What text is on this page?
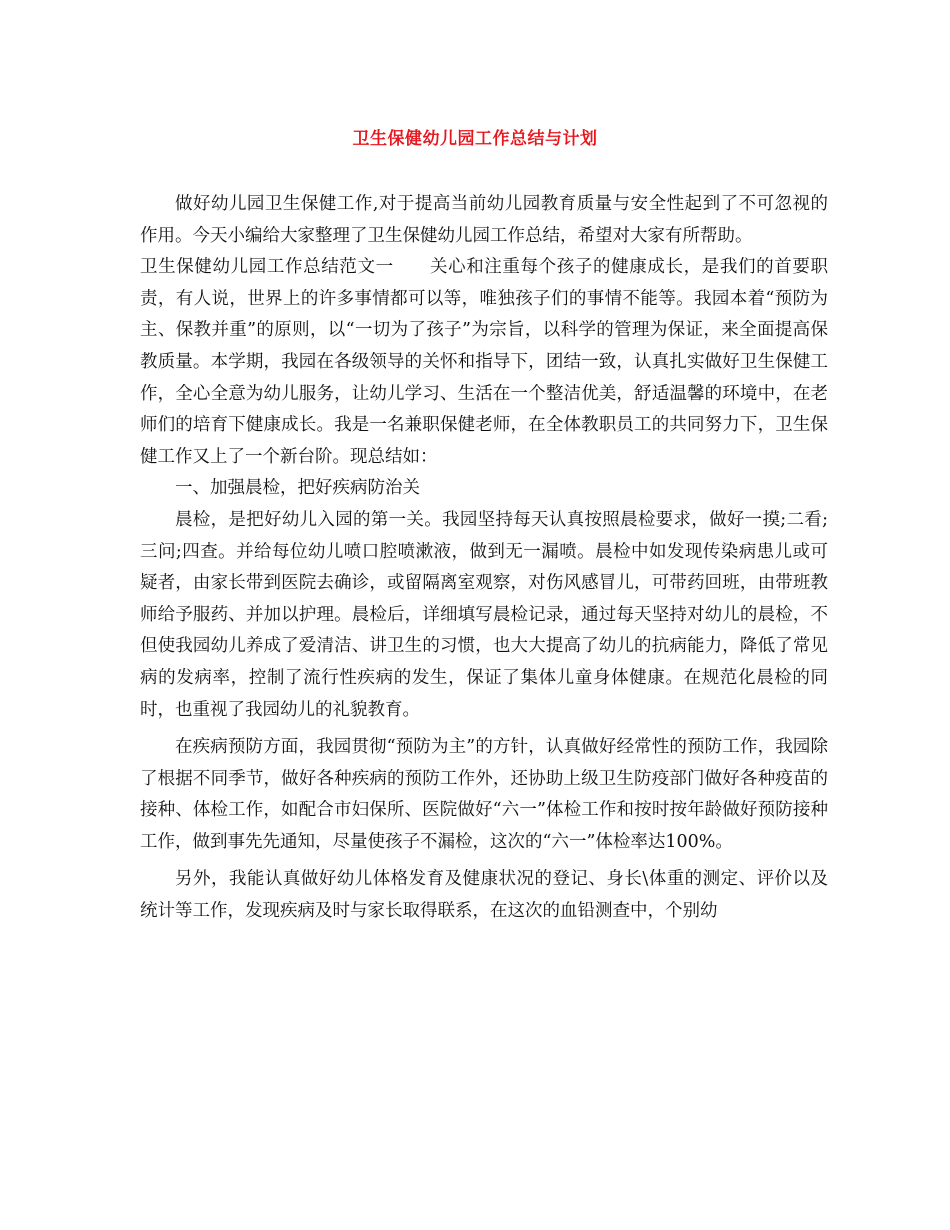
卫生保健幼儿园工作总结与计划

做好幼儿园卫生保健工作,对于提高当前幼儿园教育质量与安全性起到了不可忽视的作用。今天小编给大家整理了卫生保健幼儿园工作总结，希望对大家有所帮助。

卫生保健幼儿园工作总结范文一　　关心和注重每个孩子的健康成长，是我们的首要职责，有人说，世界上的许多事情都可以等，唯独孩子们的事情不能等。我园本着“预防为主、保教并重”的原则，以“一切为了孩子”为宗旨，以科学的管理为保证，来全面提高保教质量。本学期，我园在各级领导的关怀和指导下，团结一致，认真扎实做好卫生保健工作，全心全意为幼儿服务，让幼儿学习、生活在一个整洁优美，舒适温馨的环境中，在老师们的培育下健康成长。我是一名兼职保健老师，在全体教职员工的共同努力下，卫生保健工作又上了一个新台阶。现总结如：

一、加强晨检，把好疾病防治关

晨检，是把好幼儿入园的第一关。我园坚持每天认真按照晨检要求，做好一摸;二看;三问;四查。并给每位幼儿喷口腔喷漱液，做到无一漏喷。晨检中如发现传染病患儿或可疑者，由家长带到医院去确诊，或留隔离室观察，对伤风感冒儿，可带药回班，由带班教师给予服药、并加以护理。晨检后，详细填写晨检记录，通过每天坚持对幼儿的晨检，不但使我园幼儿养成了爱清洁、讲卫生的习惯，也大大提高了幼儿的抗病能力，降低了常见病的发病率，控制了流行性疾病的发生，保证了集体儿童身体健康。在规范化晨检的同时，也重视了我园幼儿的礼貌教育。

在疾病预防方面，我园贯彻“预防为主”的方针，认真做好经常性的预防工作，我园除了根据不同季节，做好各种疾病的预防工作外，还协助上级卫生防疫部门做好各种疫苗的接种、体检工作，如配合市妇保所、医院做好“六一”体检工作和按时按年龄做好预防接种工作，做到事先先通知，尽量使孩子不漏检，这次的“六一”体检率达100%。

另外，我能认真做好幼儿体格发育及健康状况的登记、身长\体重的测定、评价以及统计等工作，发现疾病及时与家长取得联系，在这次的血铅测查中，个别幼
